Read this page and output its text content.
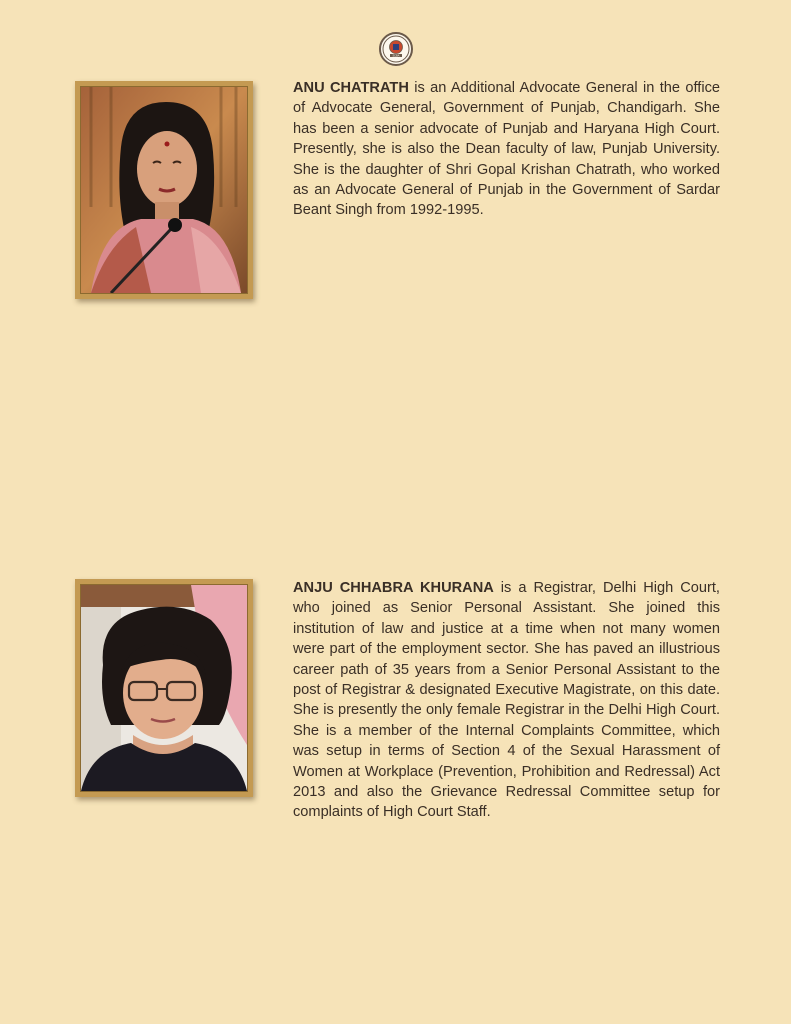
SCBA

ANU CHATRATH is an Additional Advocate General in the office of Advocate General, Government of Punjab, Chandigarh. She has been a senior advocate of Punjab and Haryana High Court. Presently, she is also the Dean faculty of law, Punjab University. She is the daughter of Shri Gopal Krishan Chatrath, who worked as an Advocate General of Punjab in the Government of Sardar Beant Singh from 1992-1995.

ANJU CHHABRA KHURANA is a Registrar, Delhi High Court, who joined as Senior Personal Assistant. She joined this institution of law and justice at a time when not many women were part of the employment sector. She has paved an illustrious career path of 35 years from a Senior Personal Assistant to the post of Registrar & designated Executive Magistrate, on this date. She is presently the only female Registrar in the Delhi High Court. She is a member of the Internal Complaints Committee, which was setup in terms of Section 4 of the Sexual Harassment of Women at Workplace (Prevention, Prohibition and Redressal) Act 2013 and also the Grievance Redressal Committee setup for complaints of High Court Staff.
